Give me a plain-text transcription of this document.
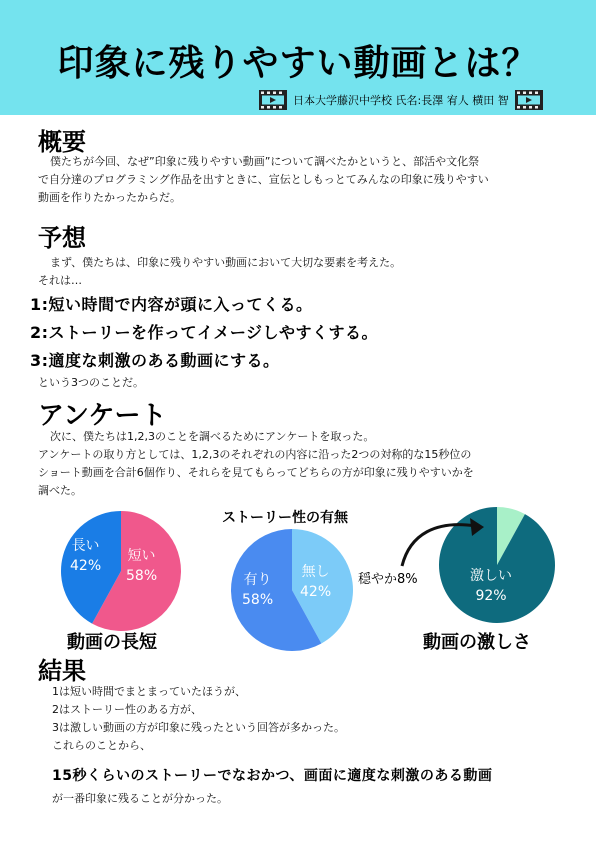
印象に残りやすい動画とは？
日本大学藤沢中学校 氏名:長澤 宥人 横田 智
概要
僕たちが今回、なぜ”印象に残りやすい動画”について調べたかというと、部活や文化祭
で自分達のプログラミング作品を出すときに、宣伝としもっとてみんなの印象に残りやすい
動画を作りたかったからだ。
予想
まず、僕たちは、印象に残りやすい動画において大切な要素を考えた。
それは…
1:短い時間で内容が頭に入ってくる。
2:ストーリーを作ってイメージしやすくする。
3:適度な刺激のある動画にする。
という3つのことだ。
アンケート
次に、僕たちは1,2,3のことを調べるためにアンケートを取った。
アンケートの取り方としては、1,2,3のそれぞれの内容に沿った2つの対称的な15秒位の
ショート動画を合計6個作り、それらを見てもらってどちらの方が印象に残りやすいかを
調べた。
長い
42%
短い
58%
動画の長短
ストーリー性の有無
有り
58%
無し
42%
激しい
92%
穏やか8%
動画の激しさ
結果
1は短い時間でまとまっていたほうが、
2はストーリー性のある方が、
3は激しい動画の方が印象に残ったという回答が多かった。
これらのことから、
15秒くらいのストーリーでなおかつ、画面に適度な刺激のある動画
が一番印象に残ることが分かった。
